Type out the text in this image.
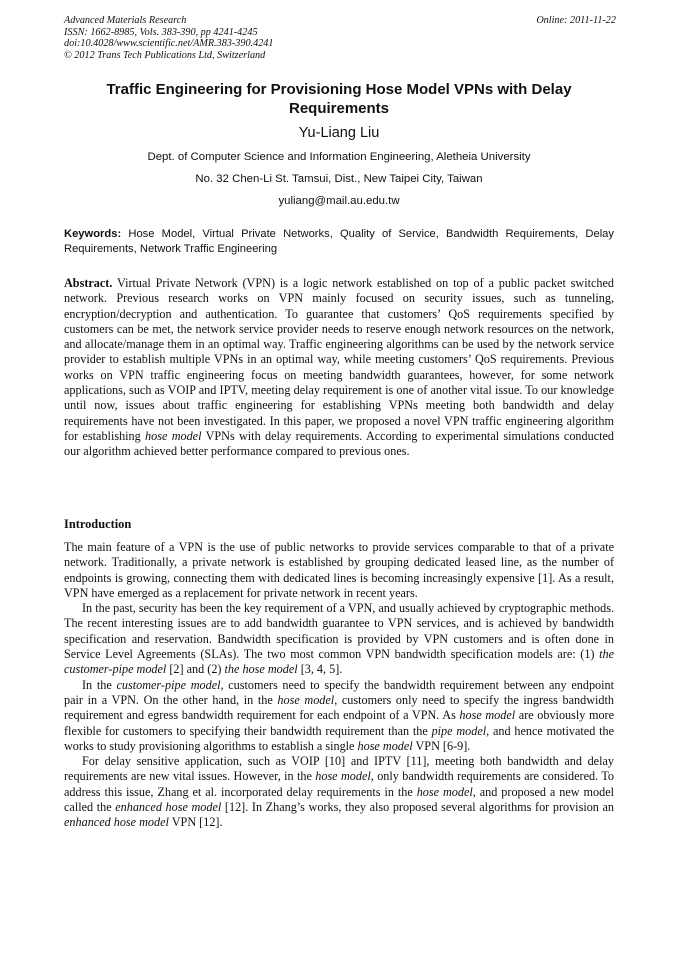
Advanced Materials Research
ISSN: 1662-8985, Vols. 383-390, pp 4241-4245
doi:10.4028/www.scientific.net/AMR.383-390.4241
© 2012 Trans Tech Publications Ltd, Switzerland
Online: 2011-11-22
Traffic Engineering for Provisioning Hose Model VPNs with Delay Requirements
Yu-Liang Liu
Dept. of Computer Science and Information Engineering, Aletheia University
No. 32 Chen-Li St. Tamsui, Dist., New Taipei City, Taiwan
yuliang@mail.au.edu.tw
Keywords: Hose Model, Virtual Private Networks, Quality of Service, Bandwidth Requirements, Delay Requirements, Network Traffic Engineering
Abstract. Virtual Private Network (VPN) is a logic network established on top of a public packet switched network. Previous research works on VPN mainly focused on security issues, such as tunneling, encryption/decryption and authentication. To guarantee that customers’ QoS requirements specified by customers can be met, the network service provider needs to reserve enough network resources on the network, and allocate/manage them in an optimal way. Traffic engineering algorithms can be used by the network service provider to establish multiple VPNs in an optimal way, while meeting customers’ QoS requirements. Previous works on VPN traffic engineering focus on meeting bandwidth guarantees, however, for some network applications, such as VOIP and IPTV, meeting delay requirement is one of another vital issue. To our knowledge until now, issues about traffic engineering for establishing VPNs meeting both bandwidth and delay requirements have not been investigated. In this paper, we proposed a novel VPN traffic engineering algorithm for establishing hose model VPNs with delay requirements. According to experimental simulations conducted our algorithm achieved better performance compared to previous ones.
Introduction

The main feature of a VPN is the use of public networks to provide services comparable to that of a private network. Traditionally, a private network is established by grouping dedicated leased line, as the number of endpoints is growing, connecting them with dedicated lines is becoming increasingly expensive [1]. As a result, VPN have emerged as a replacement for private network in recent years.

In the past, security has been the key requirement of a VPN, and usually achieved by cryptographic methods. The recent interesting issues are to add bandwidth guarantee to VPN services, and is achieved by bandwidth specification and reservation. Bandwidth specification is provided by VPN customers and is often done in Service Level Agreements (SLAs). The two most common VPN bandwidth specification models are: (1) the customer-pipe model [2] and (2) the hose model [3, 4, 5].

In the customer-pipe model, customers need to specify the bandwidth requirement between any endpoint pair in a VPN. On the other hand, in the hose model, customers only need to specify the ingress bandwidth requirement and egress bandwidth requirement for each endpoint of a VPN. As hose model are obviously more flexible for customers to specifying their bandwidth requirement than the pipe model, and hence motivated the works to study provisioning algorithms to establish a single hose model VPN [6-9].

For delay sensitive application, such as VOIP [10] and IPTV [11], meeting both bandwidth and delay requirements are new vital issues. However, in the hose model, only bandwidth requirements are considered. To address this issue, Zhang et al. incorporated delay requirements in the hose model, and proposed a new model called the enhanced hose model [12]. In Zhang’s works, they also proposed several algorithms for provision an enhanced hose model VPN [12].
